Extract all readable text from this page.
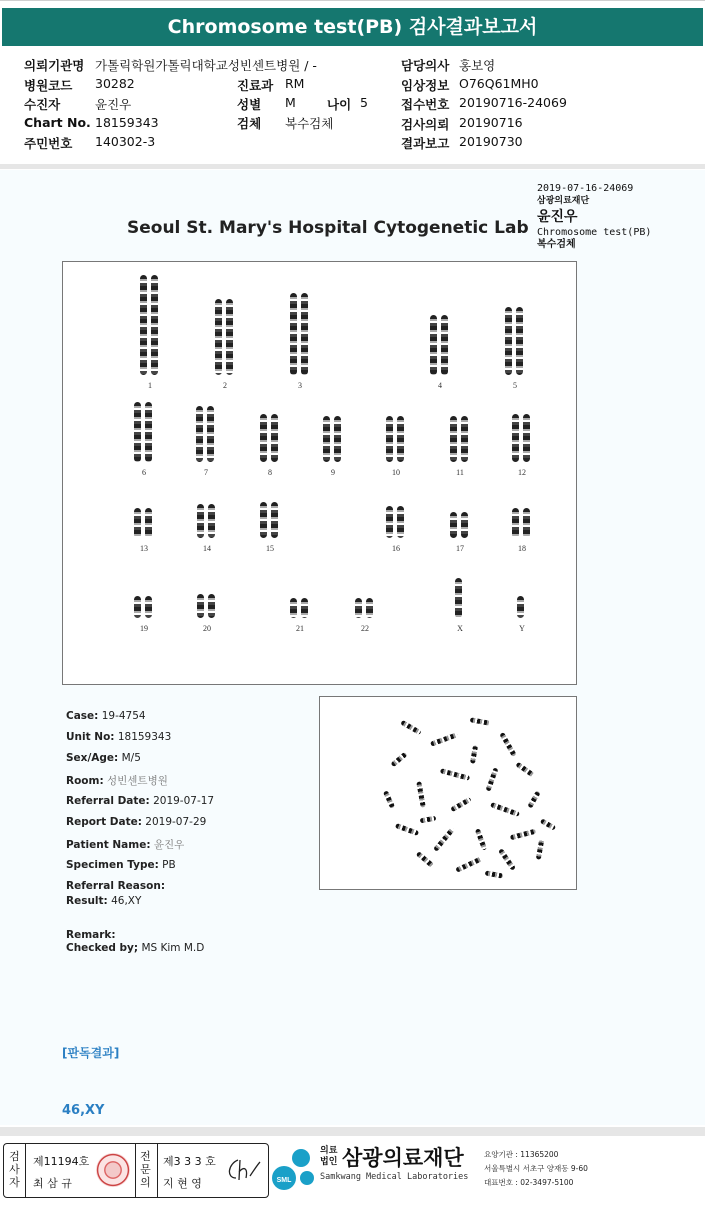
Chromosome test(PB) 검사결과보고서
의뢰기관명 가톨릭학원가톨릭대학교성빈센트병원 / -	담당의사 홍보영
병원코드 30282	진료과 RM	임상정보 O76Q61MH0
수진자	윤진우	성별 M 나이 5	접수번호 20190716-24069
Chart No. 18159343	검체 복수검체	검사의뢰 20190716
주민번호 140302-3	결과보고 20190730
2019-07-16-24069
삼광의료재단
윤진우
Chromosome test(PB)
복수검체
Seoul St. Mary's Hospital Cytogenetic Lab
1	2	3	4	5
6	7	8	9	10	11	12
13	14	15	16	17	18
19	20	21	22	X	Y
Case: 19-4754
Unit No: 18159343
Sex/Age: M/5
Room: 성빈센트병원
Referral Date: 2019-07-17
Report Date: 2019-07-29
Patient Name: 윤진우
Specimen Type: PB
Referral Reason:
Result: 46,XY
Remark:
Checked by; MS Kim M.D
[판독결과]
46,XY
검
사
자
제11194호
최 삼 규
전
문
의
제3 3 3 호
지 현 영	SML
의료
법인 삼광의료재단
Samkwang Medical Laboratories
요양기관 : 11365200
서울특별시 서초구 양재동 9-60
대표번호 : 02-3497-5100
